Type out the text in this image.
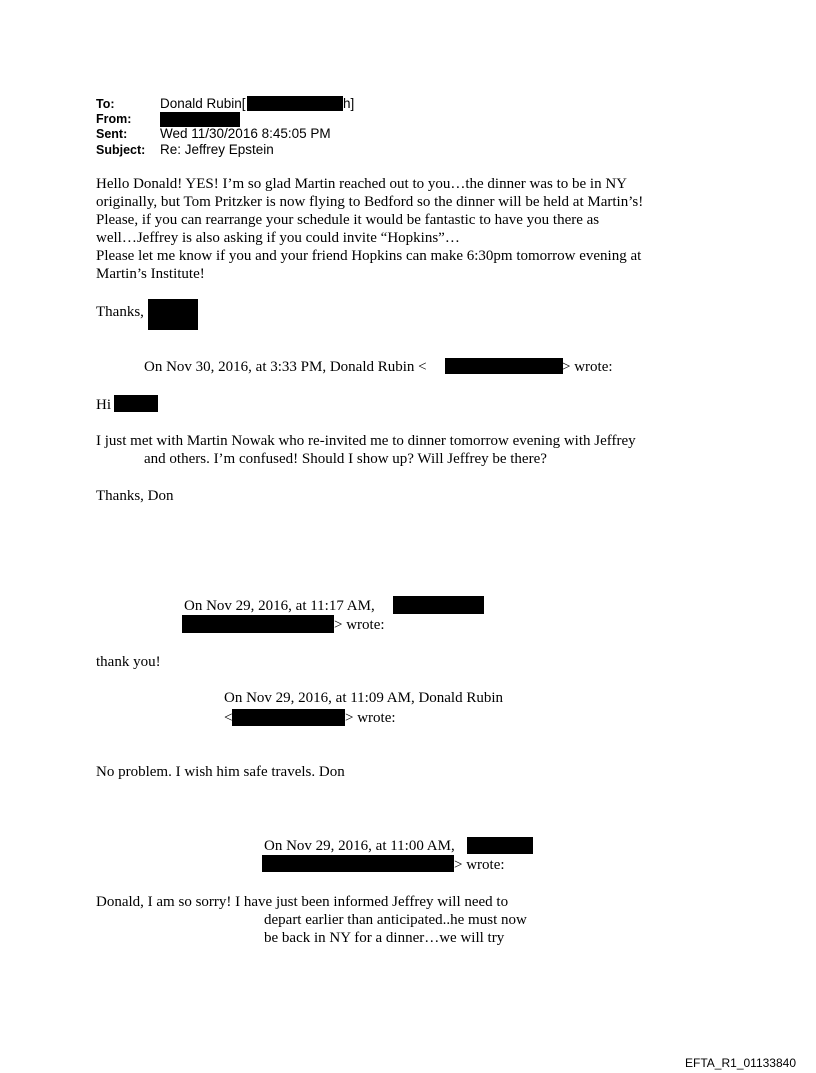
To:	Donald Rubin[	h]
From:
Sent: Wed 11/30/2016 8:45:05 PM
Subject: Re: Jeffrey Epstein
Hello Donald! YES! I’m so glad Martin reached out to you…the dinner was to be in NY
originally, but Tom Pritzker is now flying to Bedford so the dinner will be held at Martin’s!
Please, if you can rearrange your schedule it would be fantastic to have you there as
well…Jeffrey is also asking if you could invite “Hopkins”…
Please let me know if you and your friend Hopkins can make 6:30pm tomorrow evening at
Martin’s Institute!
Thanks,
On Nov 30, 2016, at 3:33 PM, Donald Rubin <	> wrote:
Hi
I just met with Martin Nowak who re-invited me to dinner tomorrow evening with Jeffrey
and others. I’m confused! Should I show up? Will Jeffrey be there?
Thanks, Don
On Nov 29, 2016, at 11:17 AM,
> wrote:
thank you!
On Nov 29, 2016, at 11:09 AM, Donald Rubin
<	> wrote:
No problem. I wish him safe travels. Don
On Nov 29, 2016, at 11:00 AM,
> wrote:
Donald, I am so sorry! I have just been informed Jeffrey will need to
depart earlier than anticipated..he must now
be back in NY for a dinner…we will try
EFTA_R1_01133840
